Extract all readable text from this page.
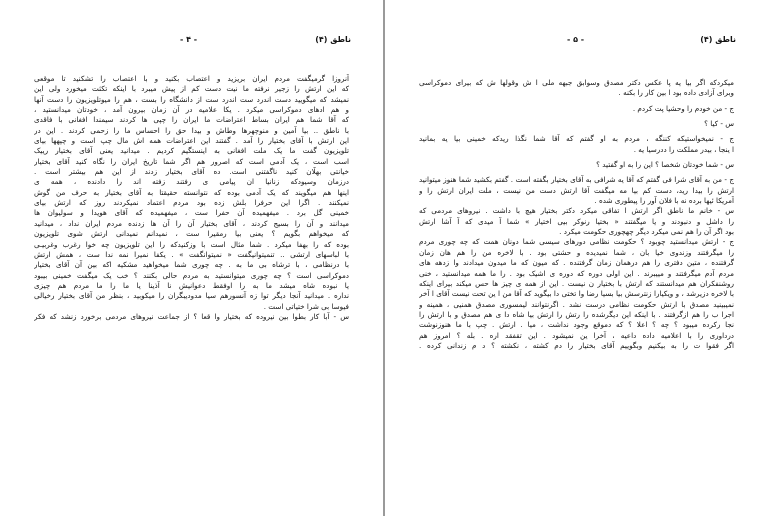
ناطق (۴)
- ۴ -
آنروزا گرمیگفت مردم ایران بریزید و اعتصاب بکنید و با اعتصاب را تشکنید تا موقعی
که این ارتش را زجیر نرفته ما نیت دست کم از پیش میبرد با اینکه تکثت میخورد ولی این
نمیشد که میگویید دست اندرد ست اندرد ست از دانشگاه را بست ، هم را میوتلویزیون را دست آنها
و هم ادهای دموکراسی میکرد . یکا علامیه در آن زمان بیرون آمد ، خودتان میدانستید ،
که آقا شما هم ایران بساط اعتراضات ما ایران را چپی ها کردند سیمندا افغانی با فاقدی
با ناطق .. بیا آمین و منوچهرها وطاش و بیدا حق را احساس ما را زحمی کردند . این در
این ارتش با آقای بختیار را آمد . گفتند این اعتراضات همه اش مال چپ است و چپهها بیای
تلویزیون گفت ما یک ملت افغانی به اینستگیم کردیم . میدانید یعنی آقای بختیار رییک
اسب است ، یک آدمی است که اصرور هم اگر شما تاریخ ایران را نگاه کنید آقای بختیار
خیانتی بهلّان کنید ناگفتنی است. ده آقای بختیار زدند از این هم بیشتر است .
درزمان وسیودکه زنانیا ان پیامی ی رفتند زفته اند را دادنده ، همه ی
اینها هم میگویند که یک آدمی بوده که نتوانسته حقیقتا به آقای بختیار به حرف من گوش
نمیکنند . اگرا این حرفرا بلش زده بود مردم اعتماد نمیکردند روز که ارتش بیای
خمینی گل برد . میفهمیده آن حفرا ست ، میفهمیده که آقای هویدا و سولیوان ها
میدانند و آن را بسیج کردند ، آقای بختیار آن را آن ها زدنده مردم ایران نداد ، میدانید
که میخواهم بگویم ؟ یعنی بیا رمقیرا ست ، نمیدانم نمیدانی ارتش شوی تلویزیون
بوده که را بهفا میکرد . شما مثال است با وزکنیدکه را این تلویزیون چه خوا رغرب وغربیـی
با لباسهای ارتشی .. تنمیتوانیگفت « نمیتوانگفت » . یکفا نمیرا نمه ندا ست ، همش ارتش
با درنظامی ، با ترشاه بی ما به . چه چوری شما میخواهید مشکیه اکه بین آن آقای بختیار
دموکراسی است ؟ چه چوری میتوانستید به مردم حالی بکنند ؟ خب یک میگفت خمینی بیبود
یا نبوده شاه میشد ما به را اوفقط دعوانیش نا آذینا یا ما را ما مردم هم چیزی
نداره . میدانید آنجا دیگر توا زه آنسورهم سیا مدودیبگران را میکوبید ، بنظر من آقای بختیار رخیالی
فیوسا بی شرا ختیاتی است .
س - آبا کار بطوا بین نیروده که بختیار وا قعا ؟ از جماعت نیروهای مردمی برخورد زنشد که فکر
ناطق (۴)
- ۵ -
میکردکه اگر بیا یه پا عکس دکتر مصدق وسوابق جبهه ملی ا ش وقولها ش که بیرای دموکراسی
وبرای آزادی داده بود ا بین کار را بکنه .
ج - من خودم را وحشیا پت کردم .
س - کیا ؟
ج - نمیخواستیکه کننگه ، مردم به او گفتم که آقا شما نگذا ریدکه خمینی بیا یه بمانید
ا ینجا ، بیدر مملکت را ددرسیا یه .
س - شما خودتان شخصا ؟ این را به او گفتید ؟
ج - من به آقای شرا فی گفتم که آقا یه شرافی به آقای بختیار بگفته است . گفتم بکشید شما هنوز میتوانید
ارتش را بیدا رید، دست کم بیا مه میگفت آقا ارتش دست من نیست ، ملت ایران ارتش را و
آمریکا ئیها برده نه با فلان آور را پیطوری شده .
س - خانم ما ناطق اگر ارتش ا تفاقی میکرد دکتر بختیار هیچ با داشت . نیروهای مردمی که
را داشل و دنبودند و یا میگفتند « بختیا رنوکر بیی اختیار » شما آ میدی که آ آشا ارتش
بود اگر آن را هم نمی میکرد دیگر چهچوری حکومت میکرد .
ج - ارتش میدانستید چوبود ؟ حکومت نظامی دورهای سیسی شما دونان همت که چه چوری مردم
را میگرفتند وزندوی خیا بان ، شما نمیدیده و حشتی بود . با لاخره من را هم هان زمان
گرفتنده ، متین دفتری را هم درهمان زمان گرفتنده . که میون که ما میدون میدادند وا زدهه های
مردم آدم میگرفتند و مییبرند . این اولی دوره که دوره ی اشیک بود . را ما همه میدانستید ، خنی
روشنفکران هم میدانستند که ارتش با بختیار ن نیست . این از همه ی چیز ها حس میکند بیرای اینکه
با لاخره دزیرشد ، و ویکیارا زنترسش بیا بسیا رضا وا تختی دا بیگوید که آقا من ا ین تحت نیست آقای ا آخر
نمیبینید مصدق با ارتش حکومت نظامی درست نشد . اگرنتوانند لیمسوری مصدق همنیی ، همینه و
اجرا ب را هم ازگرفتند . با اینکه این دیگرشده را رتش را ارتش بیا شاه دا ی هم مصدق و با ارتش را
نجا رکرده میبود ؟ چه ؟ اعلا ؟ که دموقع وجود نداشت ، میا . ارتش . چپ با ما هنوزنوشت
درداوری را با اعلامیه داده داعیه ، آخرا ین نمیشود . این تقفقد اره . بله ؟ امروز هم
اگر فقوا ت را به بیکنیم وبگوییم آقای بختیار را دم کشته ، نکشته ؟ د م زندانی کرده .
